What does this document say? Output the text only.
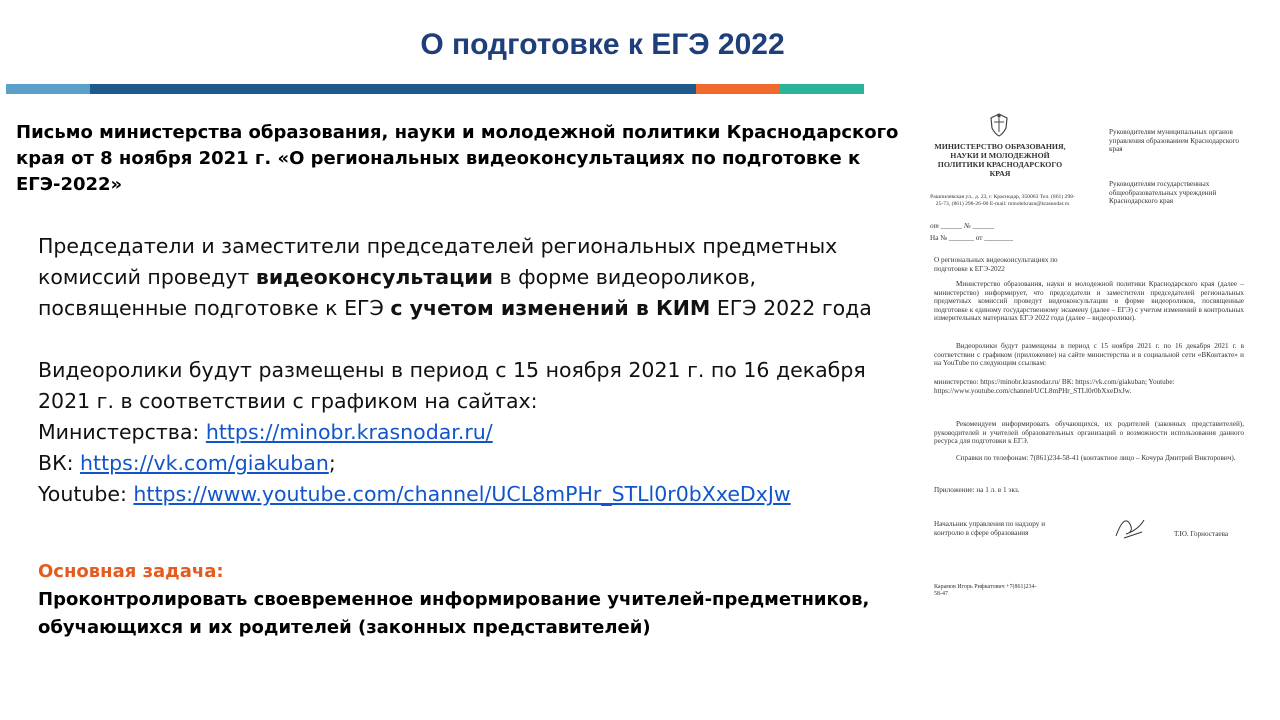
О подготовке к ЕГЭ 2022
Письмо министерства образования, науки и молодежной политики Краснодарского края от 8 ноября 2021 г. «О региональных видеоконсультациях по подготовке к ЕГЭ-2022»

Председатели и заместители председателей региональных предметных комиссий проведут видеоконсультации в форме видеороликов, посвященные подготовке к ЕГЭ с учетом изменений в КИМ ЕГЭ 2022 года

Видеоролики будут размещены в период с 15 ноября 2021 г. по 16 декабря 2021 г. в соответствии с графиком на сайтах:

Министерства: https://minobr.krasnodar.ru/

ВК: https://vk.com/giakuban;

Youtube: https://www.youtube.com/channel/UCL8mPHr_STLl0r0bXxeDxJw

Основная задача:
Проконтролировать своевременное информирование учителей-предметников, обучающихся и их родителей (законных представителей)
МИНИСТЕРСТВО ОБРАЗОВАНИЯ, НАУКИ И МОЛОДЕЖНОЙ ПОЛИТИКИ КРАСНОДАРСКОГО КРАЯ
Рашпилевская ул., д. 23, г. Краснодар, 350063 Тел. (861) 298-25-73, (861) 298-26-00 E-mail: minobrkrasn@krasnodar.ru
от ______ № ______
На № _______ от ________
Руководителям муниципальных органов управления образованием Краснодарского края
Руководителям государственных общеобразовательных учреждений Краснодарского края
О региональных видеоконсультациях по подготовке к ЕГЭ-2022
Министерство образования, науки и молодежной политики Краснодарского края (далее – министерство) информирует, что председатели и заместители председателей региональных предметных комиссий проведут видеоконсультации в форме видеороликов, посвященные подготовке к единому государственному экзамену (далее – ЕГЭ) с учетом изменений в контрольных измерительных материалах ЕГЭ 2022 года (далее – видеоролики).
Видеоролики будут размещены в период с 15 ноября 2021 г. по 16 декабря 2021 г. в соответствии с графиком (приложение) на сайте министерства и в социальной сети «ВКонтакте» и на YouTube по следующим ссылкам:
министерство: https://minobr.krasnodar.ru/ ВК: https://vk.com/giakuban; Youtube: https://www.youtube.com/channel/UCL8mPHr_STLl0r0bXxeDxJw.
Рекомендуем информировать обучающихся, их родителей (законных представителей), руководителей и учителей образовательных организаций о возможности использования данного ресурса для подготовки к ЕГЭ.
Справки по телефонам: 7(861)234-58-41 (контактное лицо – Кочура Дмитрий Викторович).
Приложение: на 1 л. в 1 экз.
Начальник управления по надзору и контролю в сфере образования	Т.Ю. Горностаева
Карамов Игорь Рифкатович +7(861)234-58-47
